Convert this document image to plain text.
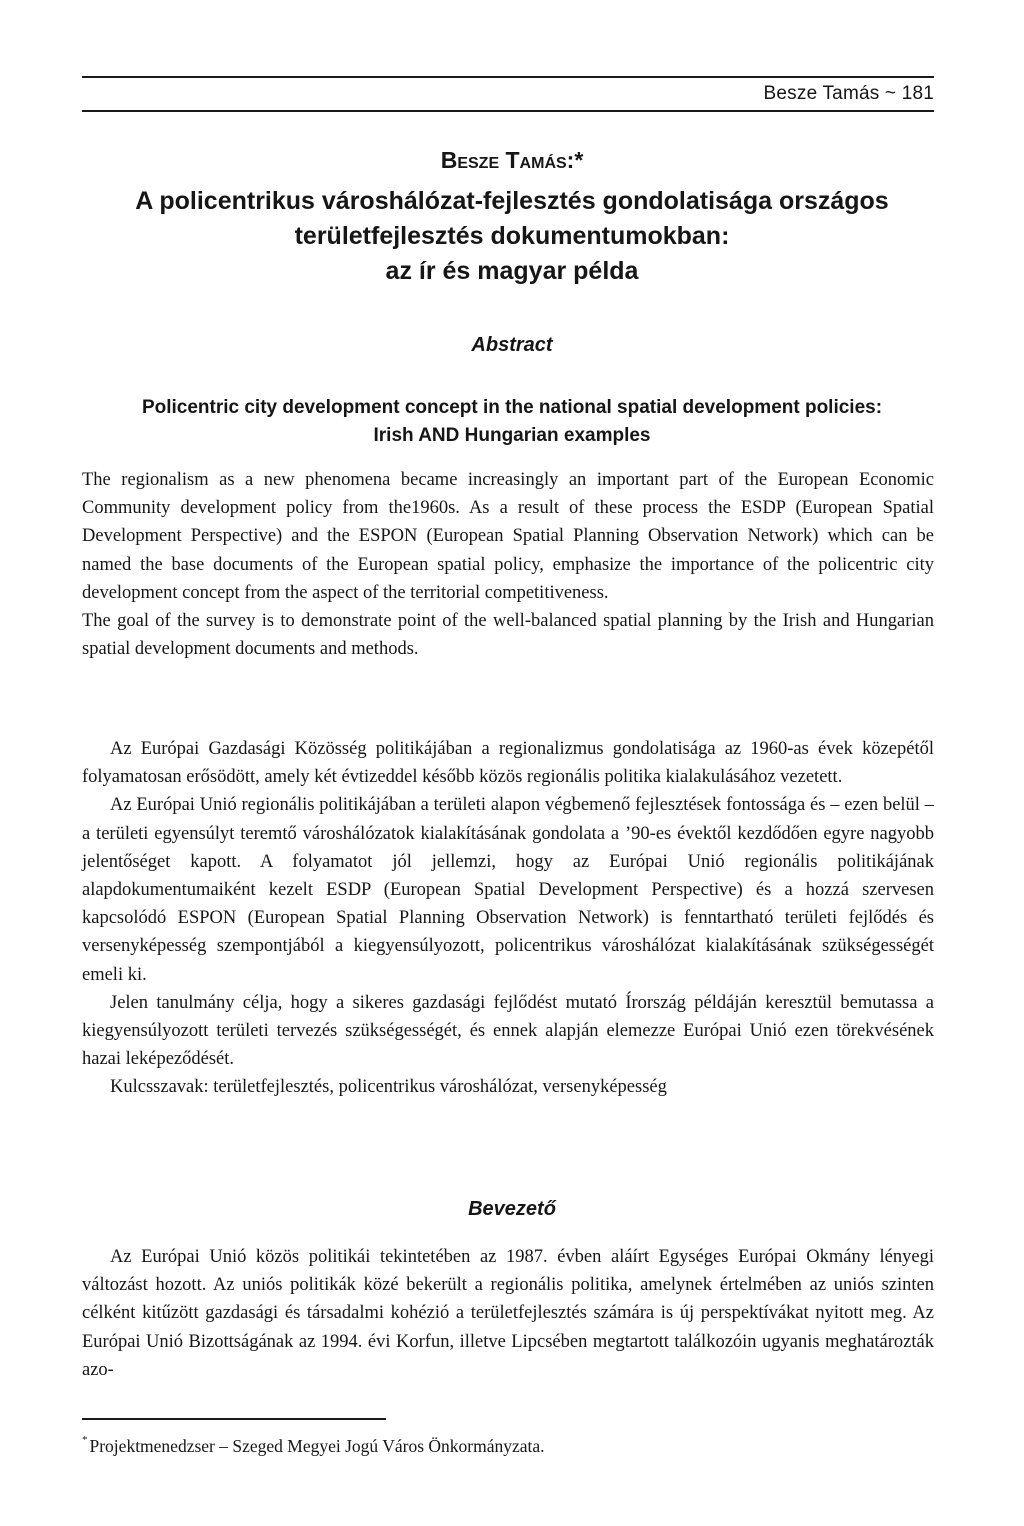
Besze Tamás ~ 181
Besze Tamás:*
A policentrikus városhálózat-fejlesztés gondolatisága országos
területfejlesztés dokumentumokban:
az ír és magyar példa
Abstract
Policentric city development concept in the national spatial development policies:
Irish AND Hungarian examples

The regionalism as a new phenomena became increasingly an important part of the European Economic Community development policy from the1960s. As a result of these process the ESDP (European Spatial Development Perspective) and the ESPON (European Spatial Planning Observation Network) which can be named the base documents of the European spatial policy, emphasize the importance of the policentric city development concept from the aspect of the territorial competitiveness.

The goal of the survey is to demonstrate point of the well-balanced spatial planning by the Irish and Hungarian spatial development documents and methods.

Az Európai Gazdasági Közösség politikájában a regionalizmus gondolatisága az 1960-as évek közepétől folyamatosan erősödött, amely két évtizeddel később közös regionális politika kialakulásához vezetett.

Az Európai Unió regionális politikájában a területi alapon végbemenő fejlesztések fontossága és – ezen belül – a területi egyensúlyt teremtő városhálózatok kialakításának gondolata a ’90-es évektől kezdődően egyre nagyobb jelentőséget kapott. A folyamatot jól jellemzi, hogy az Európai Unió regionális politikájának alapdokumentumaiként kezelt ESDP (European Spatial Development Perspective) és a hozzá szervesen kapcsolódó ESPON (European Spatial Planning Observation Network) is fenntartható területi fejlődés és versenyképesség szempontjából a kiegyensúlyozott, policentrikus városhálózat kialakításának szükségességét emeli ki.

Jelen tanulmány célja, hogy a sikeres gazdasági fejlődést mutató Írország példáján keresztül bemutassa a kiegyensúlyozott területi tervezés szükségességét, és ennek alapján elemezze Európai Unió ezen törekvésének hazai leképeződését.

Kulcsszavak: területfejlesztés, policentrikus városhálózat, versenyképesség

Bevezető

Az Európai Unió közös politikái tekintetében az 1987. évben aláírt Egységes Európai Okmány lényegi változást hozott. Az uniós politikák közé bekerült a regionális politika, amelynek értelmében az uniós szinten célként kitűzött gazdasági és társadalmi kohézió a területfejlesztés számára is új perspektívákat nyitott meg. Az Európai Unió Bizottságának az 1994. évi Korfun, illetve Lipcsében megtartott találkozóin ugyanis meghatározták azo-

* Projektmenedzser – Szeged Megyei Jogú Város Önkormányzata.
